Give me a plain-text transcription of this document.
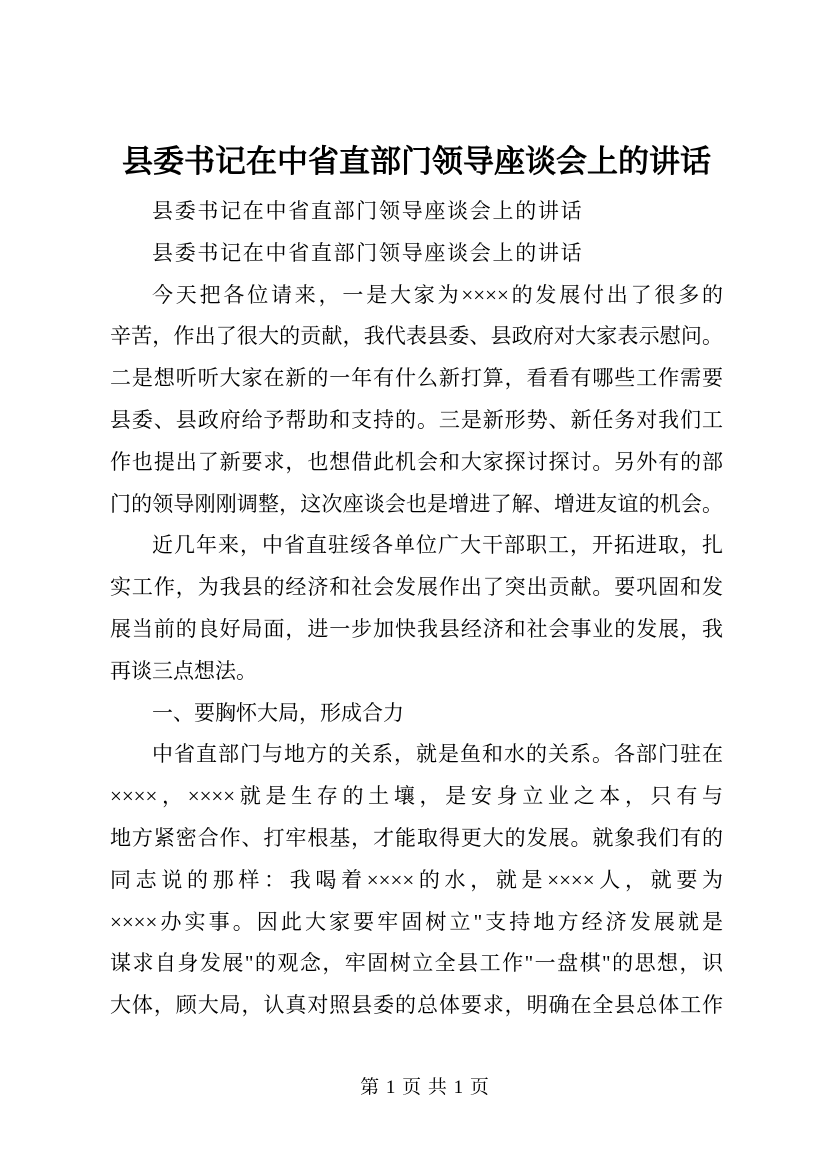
县委书记在中省直部门领导座谈会上的讲话
县委书记在中省直部门领导座谈会上的讲话
县委书记在中省直部门领导座谈会上的讲话
今天把各位请来，一是大家为××××的发展付出了很多的
辛苦，作出了很大的贡献，我代表县委、县政府对大家表示慰问。
二是想听听大家在新的一年有什么新打算，看看有哪些工作需要
县委、县政府给予帮助和支持的。三是新形势、新任务对我们工
作也提出了新要求，也想借此机会和大家探讨探讨。另外有的部
门的领导刚刚调整，这次座谈会也是增进了解、增进友谊的机会。
近几年来，中省直驻绥各单位广大干部职工，开拓进取，扎
实工作，为我县的经济和社会发展作出了突出贡献。要巩固和发
展当前的良好局面，进一步加快我县经济和社会事业的发展，我
再谈三点想法。
一、要胸怀大局，形成合力
中省直部门与地方的关系，就是鱼和水的关系。各部门驻在
××××，××××就是生存的土壤，是安身立业之本，只有与
地方紧密合作、打牢根基，才能取得更大的发展。就象我们有的
同志说的那样：我喝着××××的水，就是××××人，就要为
××××办实事。因此大家要牢固树立"支持地方经济发展就是
谋求自身发展"的观念，牢固树立全县工作"一盘棋"的思想，识
大体，顾大局，认真对照县委的总体要求，明确在全县总体工作
第 1 页 共 1 页
